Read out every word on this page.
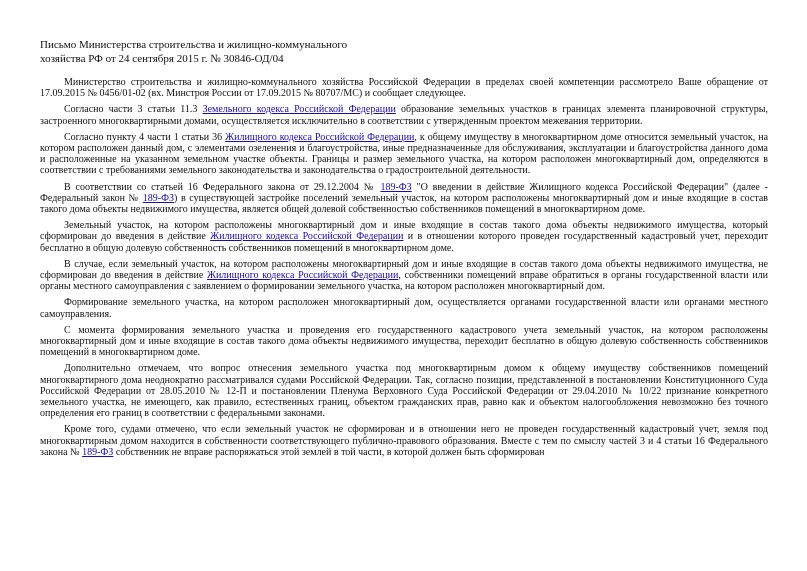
Письмо Министерства строительства и жилищно-коммунального
хозяйства РФ от 24 сентября 2015 г. № 30846-ОД/04

Министерство строительства и жилищно-коммунального хозяйства Российской Федерации в пределах своей компетенции рассмотрело Ваше обращение от 17.09.2015 № 0456/01-02 (вх. Минстроя России от 17.09.2015 № 80707/МС) и сообщает следующее.

Согласно части 3 статьи 11.3 Земельного кодекса Российской Федерации образование земельных участков в границах элемента планировочной структуры, застроенного многоквартирными домами, осуществляется исключительно в соответствии с утвержденным проектом межевания территории.

Согласно пункту 4 части 1 статьи 36 Жилищного кодекса Российской Федерации, к общему имуществу в многоквартирном доме относится земельный участок, на котором расположен данный дом, с элементами озеленения и благоустройства, иные предназначенные для обслуживания, эксплуатации и благоустройства данного дома и расположенные на указанном земельном участке объекты. Границы и размер земельного участка, на котором расположен многоквартирный дом, определяются в соответствии с требованиями земельного законодательства и законодательства о градостроительной деятельности.

В соответствии со статьей 16 Федерального закона от 29.12.2004 № 189-ФЗ "О введении в действие Жилищного кодекса Российской Федерации" (далее - Федеральный закон № 189-ФЗ) в существующей застройке поселений земельный участок, на котором расположены многоквартирный дом и иные входящие в состав такого дома объекты недвижимого имущества, является общей долевой собственностью собственников помещений в многоквартирном доме.

Земельный участок, на котором расположены многоквартирный дом и иные входящие в состав такого дома объекты недвижимого имущества, который сформирован до введения в действие Жилищного кодекса Российской Федерации и в отношении которого проведен государственный кадастровый учет, переходит бесплатно в общую долевую собственность собственников помещений в многоквартирном доме.

В случае, если земельный участок, на котором расположены многоквартирный дом и иные входящие в состав такого дома объекты недвижимого имущества, не сформирован до введения в действие Жилищного кодекса Российской Федерации, собственники помещений вправе обратиться в органы государственной власти или органы местного самоуправления с заявлением о формировании земельного участка, на котором расположен многоквартирный дом.

Формирование земельного участка, на котором расположен многоквартирный дом, осуществляется органами государственной власти или органами местного самоуправления.

С момента формирования земельного участка и проведения его государственного кадастрового учета земельный участок, на котором расположены многоквартирный дом и иные входящие в состав такого дома объекты недвижимого имущества, переходит бесплатно в общую долевую собственность собственников помещений в многоквартирном доме.

Дополнительно отмечаем, что вопрос отнесения земельного участка под многоквартирным домом к общему имуществу собственников помещений многоквартирного дома неоднократно рассматривался судами Российской Федерации. Так, согласно позиции, представленной в постановлении Конституционного Суда Российской Федерации от 28.05.2010 № 12-П и постановлении Пленума Верховного Суда Российской Федерации от 29.04.2010 № 10/22 признание конкретного земельного участка, не имеющего, как правило, естественных границ, объектом гражданских прав, равно как и объектом налогообложения невозможно без точного определения его границ в соответствии с федеральными законами.

Кроме того, судами отмечено, что если земельный участок не сформирован и в отношении него не проведен государственный кадастровый учет, земля под многоквартирным домом находится в собственности соответствующего публично-правового образования. Вместе с тем по смыслу частей 3 и 4 статьи 16 Федерального закона № 189-ФЗ собственник не вправе распоряжаться этой землей в той части, в которой должен быть сформирован
